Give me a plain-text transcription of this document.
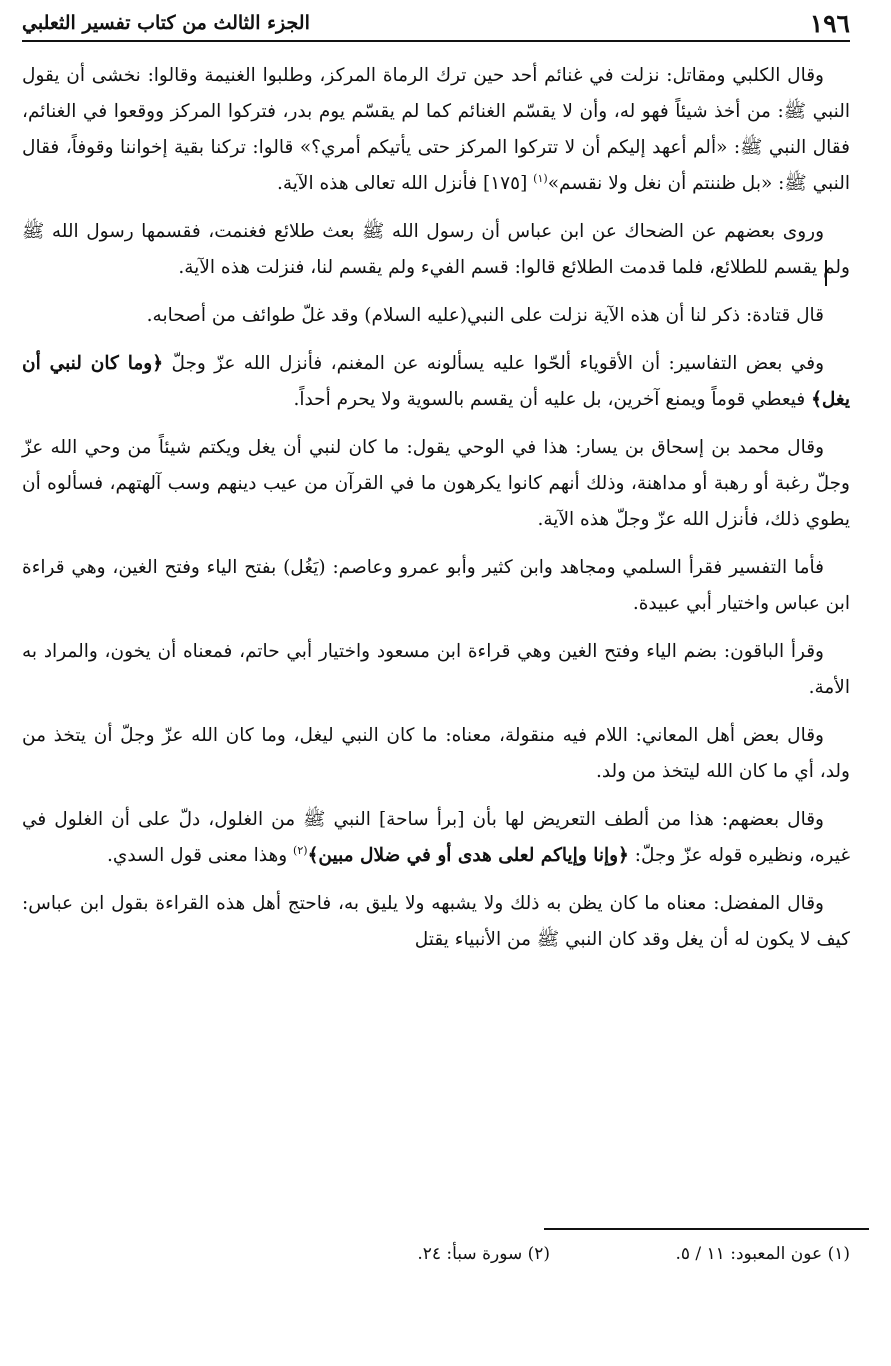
١٩٦
الجزء الثالث من كتاب تفسير الثعلبي

وقال الكلبي ومقاتل: نزلت في غنائم أحد حين ترك الرماة المركز، وطلبوا الغنيمة وقالوا: نخشى أن يقول النبي ﷺ: من أخذ شيئاً فهو له، وأن لا يقسّم الغنائم كما لم يقسّم يوم بدر، فتركوا المركز ووقعوا في الغنائم، فقال النبي ﷺ: «ألم أعهد إليكم أن لا تتركوا المركز حتى يأتيكم أمري؟» قالوا: تركنا بقية إخواننا وقوفاً، فقال النبي ﷺ: «بل ظننتم أن نغل ولا نقسم»$^{(١)}$ [١٧٥] فأنزل الله تعالى هذه الآية.

وروى بعضهم عن الضحاك عن ابن عباس أن رسول الله ﷺ بعث طلائع فغنمت، فقسمها رسول الله ﷺ ولم يقسم للطلائع، فلما قدمت الطلائع قالوا: قسم الفيء ولم يقسم لنا، فنزلت هذه الآية.

قال قتادة: ذكر لنا أن هذه الآية نزلت على النبي(عليه السلام) وقد غلّ طوائف من أصحابه.

وفي بعض التفاسير: أن الأقوياء ألحّوا عليه يسألونه عن المغنم، فأنزل الله عزّ وجلّ ﴿وما كان لنبي أن يغل﴾ فيعطي قوماً ويمنع آخرين، بل عليه أن يقسم بالسوية ولا يحرم أحداً.

وقال محمد بن إسحاق بن يسار: هذا في الوحي يقول: ما كان لنبي أن يغل ويكتم شيئاً من وحي الله عزّ وجلّ رغبة أو رهبة أو مداهنة، وذلك أنهم كانوا يكرهون ما في القرآن من عيب دينهم وسب آلهتهم، فسألوه أن يطوي ذلك، فأنزل الله عزّ وجلّ هذه الآية.

فأما التفسير فقرأ السلمي ومجاهد وابن كثير وأبو عمرو وعاصم: (يَغُل) بفتح الياء وفتح الغين، وهي قراءة ابن عباس واختيار أبي عبيدة.

وقرأ الباقون: بضم الياء وفتح الغين وهي قراءة ابن مسعود واختيار أبي حاتم، فمعناه أن يخون، والمراد به الأمة.

وقال بعض أهل المعاني: اللام فيه منقولة، معناه: ما كان النبي ليغل، وما كان الله عزّ وجلّ أن يتخذ من ولد، أي ما كان الله ليتخذ من ولد.

وقال بعضهم: هذا من ألطف التعريض لها بأن [برأ ساحة] النبي ﷺ من الغلول، دلّ على أن الغلول في غيره، ونظيره قوله عزّ وجلّ: ﴿وإنا وإياكم لعلى هدى أو في ضلال مبين﴾$^{(٢)}$ وهذا معنى قول السدي.

وقال المفضل: معناه ما كان يظن به ذلك ولا يشبهه ولا يليق به، فاحتج أهل هذه القراءة بقول ابن عباس: كيف لا يكون له أن يغل وقد كان النبي ﷺ من الأنبياء يقتل

(١) عون المعبود: ١١ / ٥. (٢) سورة سبأ: ٢٤.
